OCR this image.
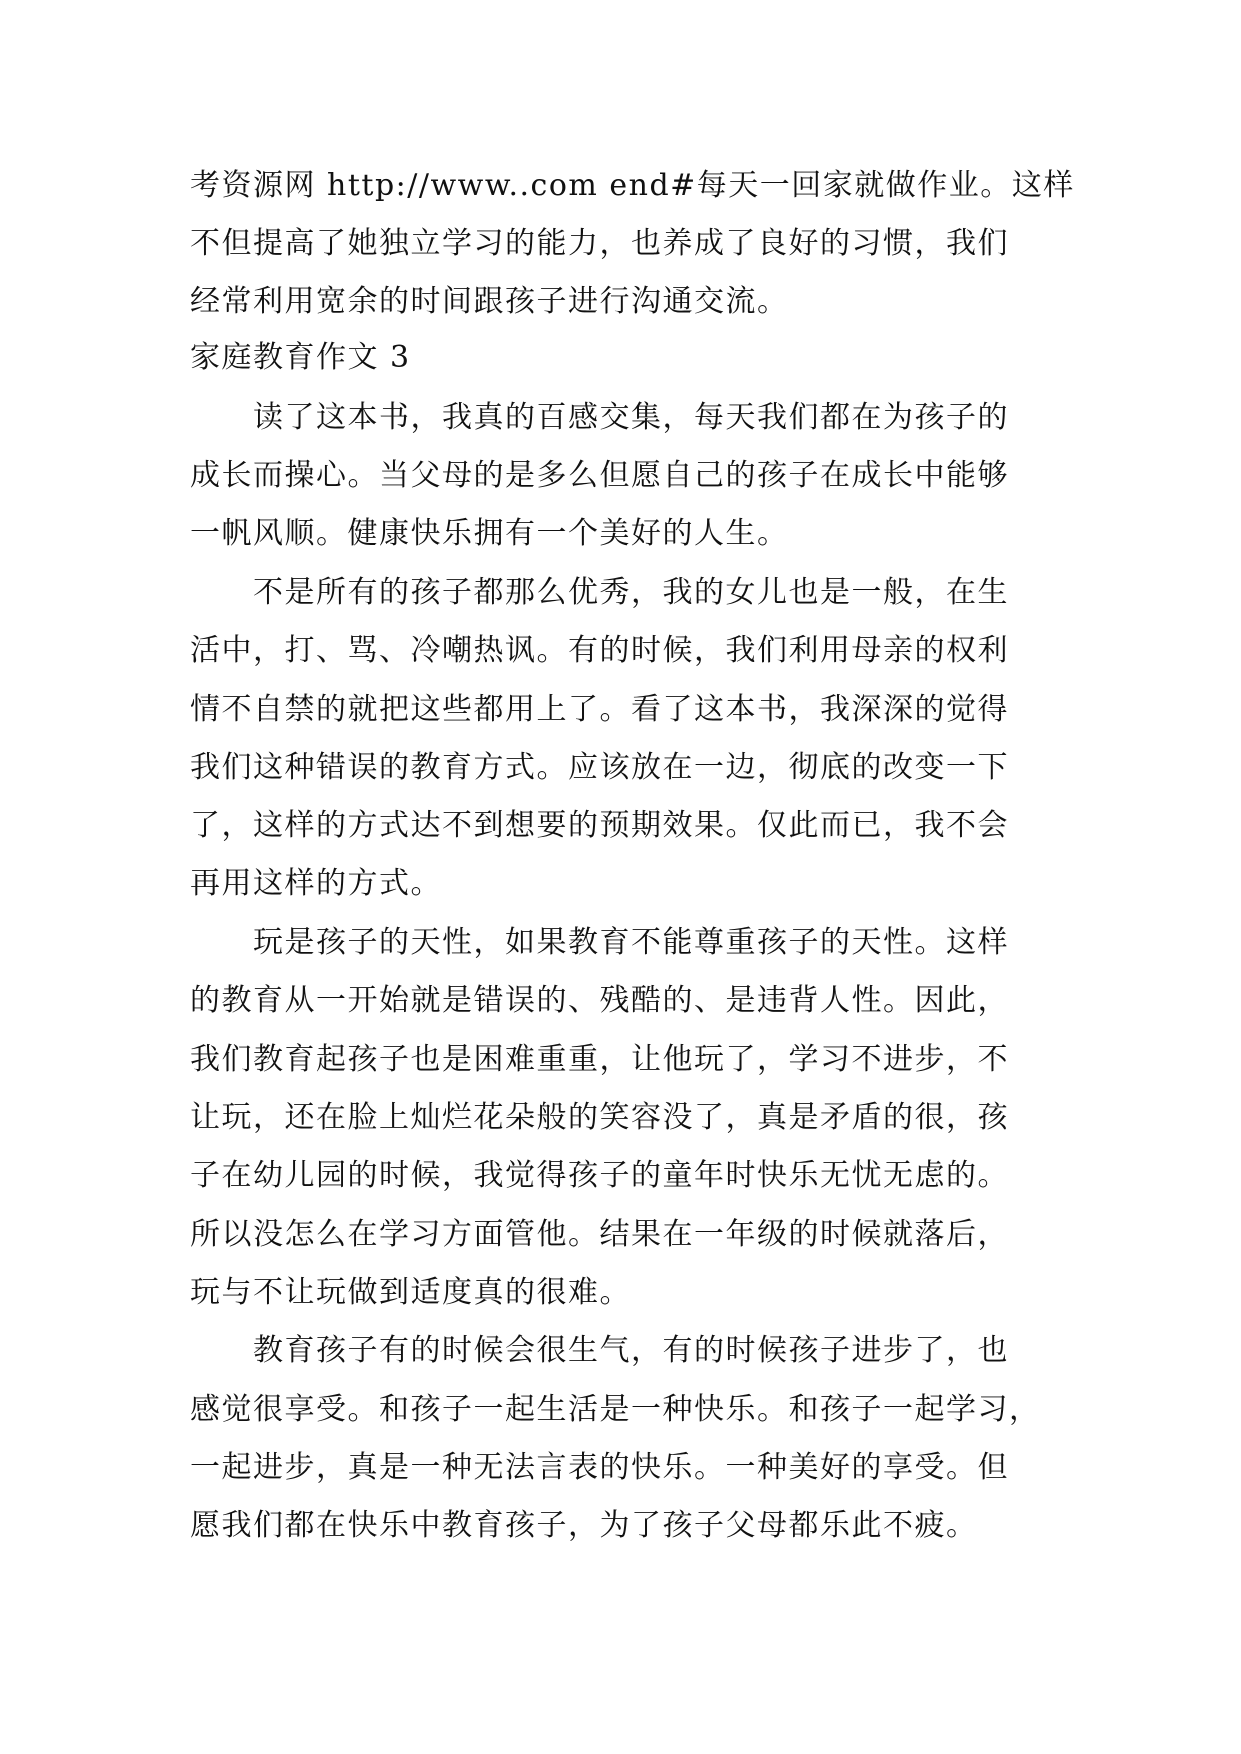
考资源网 http://www..com end#每天一回家就做作业。这样

不但提高了她独立学习的能力，也养成了良好的习惯，我们

经常利用宽余的时间跟孩子进行沟通交流。

家庭教育作文 3

　　读了这本书，我真的百感交集，每天我们都在为孩子的

成长而操心。当父母的是多么但愿自己的孩子在成长中能够

一帆风顺。健康快乐拥有一个美好的人生。

　　不是所有的孩子都那么优秀，我的女儿也是一般，在生

活中，打、骂、冷嘲热讽。有的时候，我们利用母亲的权利

情不自禁的就把这些都用上了。看了这本书，我深深的觉得

我们这种错误的教育方式。应该放在一边，彻底的改变一下

了，这样的方式达不到想要的预期效果。仅此而已，我不会

再用这样的方式。

　　玩是孩子的天性，如果教育不能尊重孩子的天性。这样

的教育从一开始就是错误的、残酷的、是违背人性。因此，

我们教育起孩子也是困难重重，让他玩了，学习不进步，不

让玩，还在脸上灿烂花朵般的笑容没了，真是矛盾的很，孩

子在幼儿园的时候，我觉得孩子的童年时快乐无忧无虑的。

所以没怎么在学习方面管他。结果在一年级的时候就落后，

玩与不让玩做到适度真的很难。

　　教育孩子有的时候会很生气，有的时候孩子进步了，也

感觉很享受。和孩子一起生活是一种快乐。和孩子一起学习，

一起进步，真是一种无法言表的快乐。一种美好的享受。但

愿我们都在快乐中教育孩子，为了孩子父母都乐此不疲。
